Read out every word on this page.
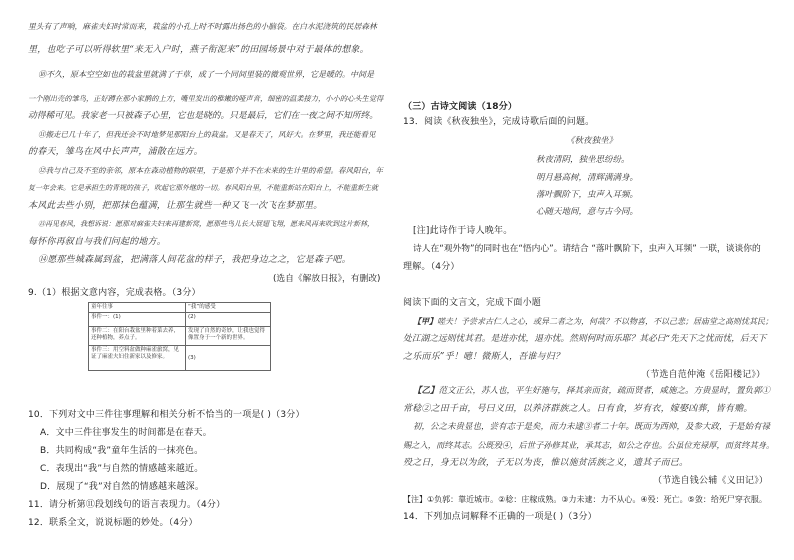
里头有了声响，麻雀夫妇时常而来，栽盆的小孔上时不时露出扬色的小脑袋。在白水泥浇筑的民居森林
里，也吃子可以听得软里“来无入户时，燕子衔泥来”的田园场景中对于最体的想象。
⑩不久，原本空空如也的栽盆里就满了干草，成了一个同间里装的微观世界，它是暖的。中间是
一个刚出壳的雏鸟，正好蹲在那小家鹊的上方，嘴里发出的稚嫩的哑声音，细密的温柔接力，小小的心头生觉得
动得稀可见。我家老一只被森子心里，它也是晓的。只是最后，它们在一夜之间不知所终。
⑪搬走已几十年了，但我还会不时地梦见那阳台上的栽盆。又是春天了，风好大。在梦里，我还能看见
的春天，雏鸟在风中长声声，浦散在远方。
⑫我与自己及不至的亲邻，原本在森动植物的联里，于是那个并不在未来的生计里的希望。春风阳台，年
复一年会来。它是承担生的青规的孩子，吹起它那外继的一切。春风阳台里，不能重新站在阳台上，不能重新生就
本风此去些小别，把那抹色蕴满，让那生就些一种又飞一次飞在梦那里。
⑬再见春风，我想诉说：愿那对麻雀夫妇来再建新窝，愿那些鸟儿长大展翅飞翔，愿来风再来吹到这片新林，
每怀你再叙自与我们问起的地方。
⑭愿那些城森属到盆，把满落人间花盆的样子，我把身边之之，它是森子吧。
(选自《解放日报》，有删改)
9.（1）根据文意内容，完成表格。（3分）
童年往事	“我”的感受
事件一：(1)	(2)
事件二：在阳台栽盆里种着菜去养，还种植物，养点子。	发现了自然的奇妙，让我也觉得像置身于一个新的世界。
事件三：用空料盆做种麻雀旅窝，见证了麻雀夫妇住新家以及修家。	(3)
10．下列对文中三件往事理解和相关分析不恰当的一项是( )（3分）
A．文中三件往事发生的时间都是在春天。
B．共同构成“我”童年生活的一抹亮色。
C．表现出“我”与自然的情感越来越近。
D．展现了“我”对自然的情感越来越深。
11．请分析第⑪段划线句的语言表现力。（4分）
12．联系全文，说说标题的妙处。（4分）
（三）古诗文阅读（18分）
13．阅读《秋夜独坐》，完成诗歌后面的问题。
《秋夜独坐》
秋夜清阴，独坐思纷纷。
明月悬高树，清辉满满身。
落叶飘阶下，虫声入耳频。
心随天地间，意与古今同。
[注]此诗作于诗人晚年。
诗人在“观外物”的同时也在“悟内心”。请结合 “落叶飘阶下，虫声入耳频” 一联，谈谈你的
理解。（4分）
阅读下面的文言文，完成下面小题
【甲】嗟夫！予尝求古仁人之心，或异二者之为，何哉？不以物喜，不以己悲；居庙堂之高则忧其民；
处江湖之远则忧其君。是进亦忧，退亦忧。然则何时而乐耶？其必曰“先天下之忧而忧，后天下
之乐而乐”乎！噫！微斯人，吾谁与归？
（节选自范仲淹《岳阳楼记》）
【乙】范文正公，苏人也，平生好施与，择其亲而贫，疏而贤者，咸施之。方贵显时，置负郭①
常稔②之田千亩，号曰义田，以养济群族之人。日有食，岁有衣，嫁娶凶葬，皆有赡。
初，公之未贵显也，尝有志于是矣，而力未逮③者二十年。既而为西帅，及参大政，于是始有禄
赐之入，而终其志。公既殁④，后世子孙修其业，承其志，如公之存也。公虽位充禄厚，而贫终其身。
殁之日，身无以为敛，子无以为丧，惟以施贫活族之义，遗其子而已。
（节选自钱公辅《义田记》）
【注】①负郭：靠近城市。②稔：庄稼成熟。③力未逮：力不从心。④殁：死亡。⑤敛：给死尸穿衣服。
14．下列加点词解释不正确的一项是( )（3分）
